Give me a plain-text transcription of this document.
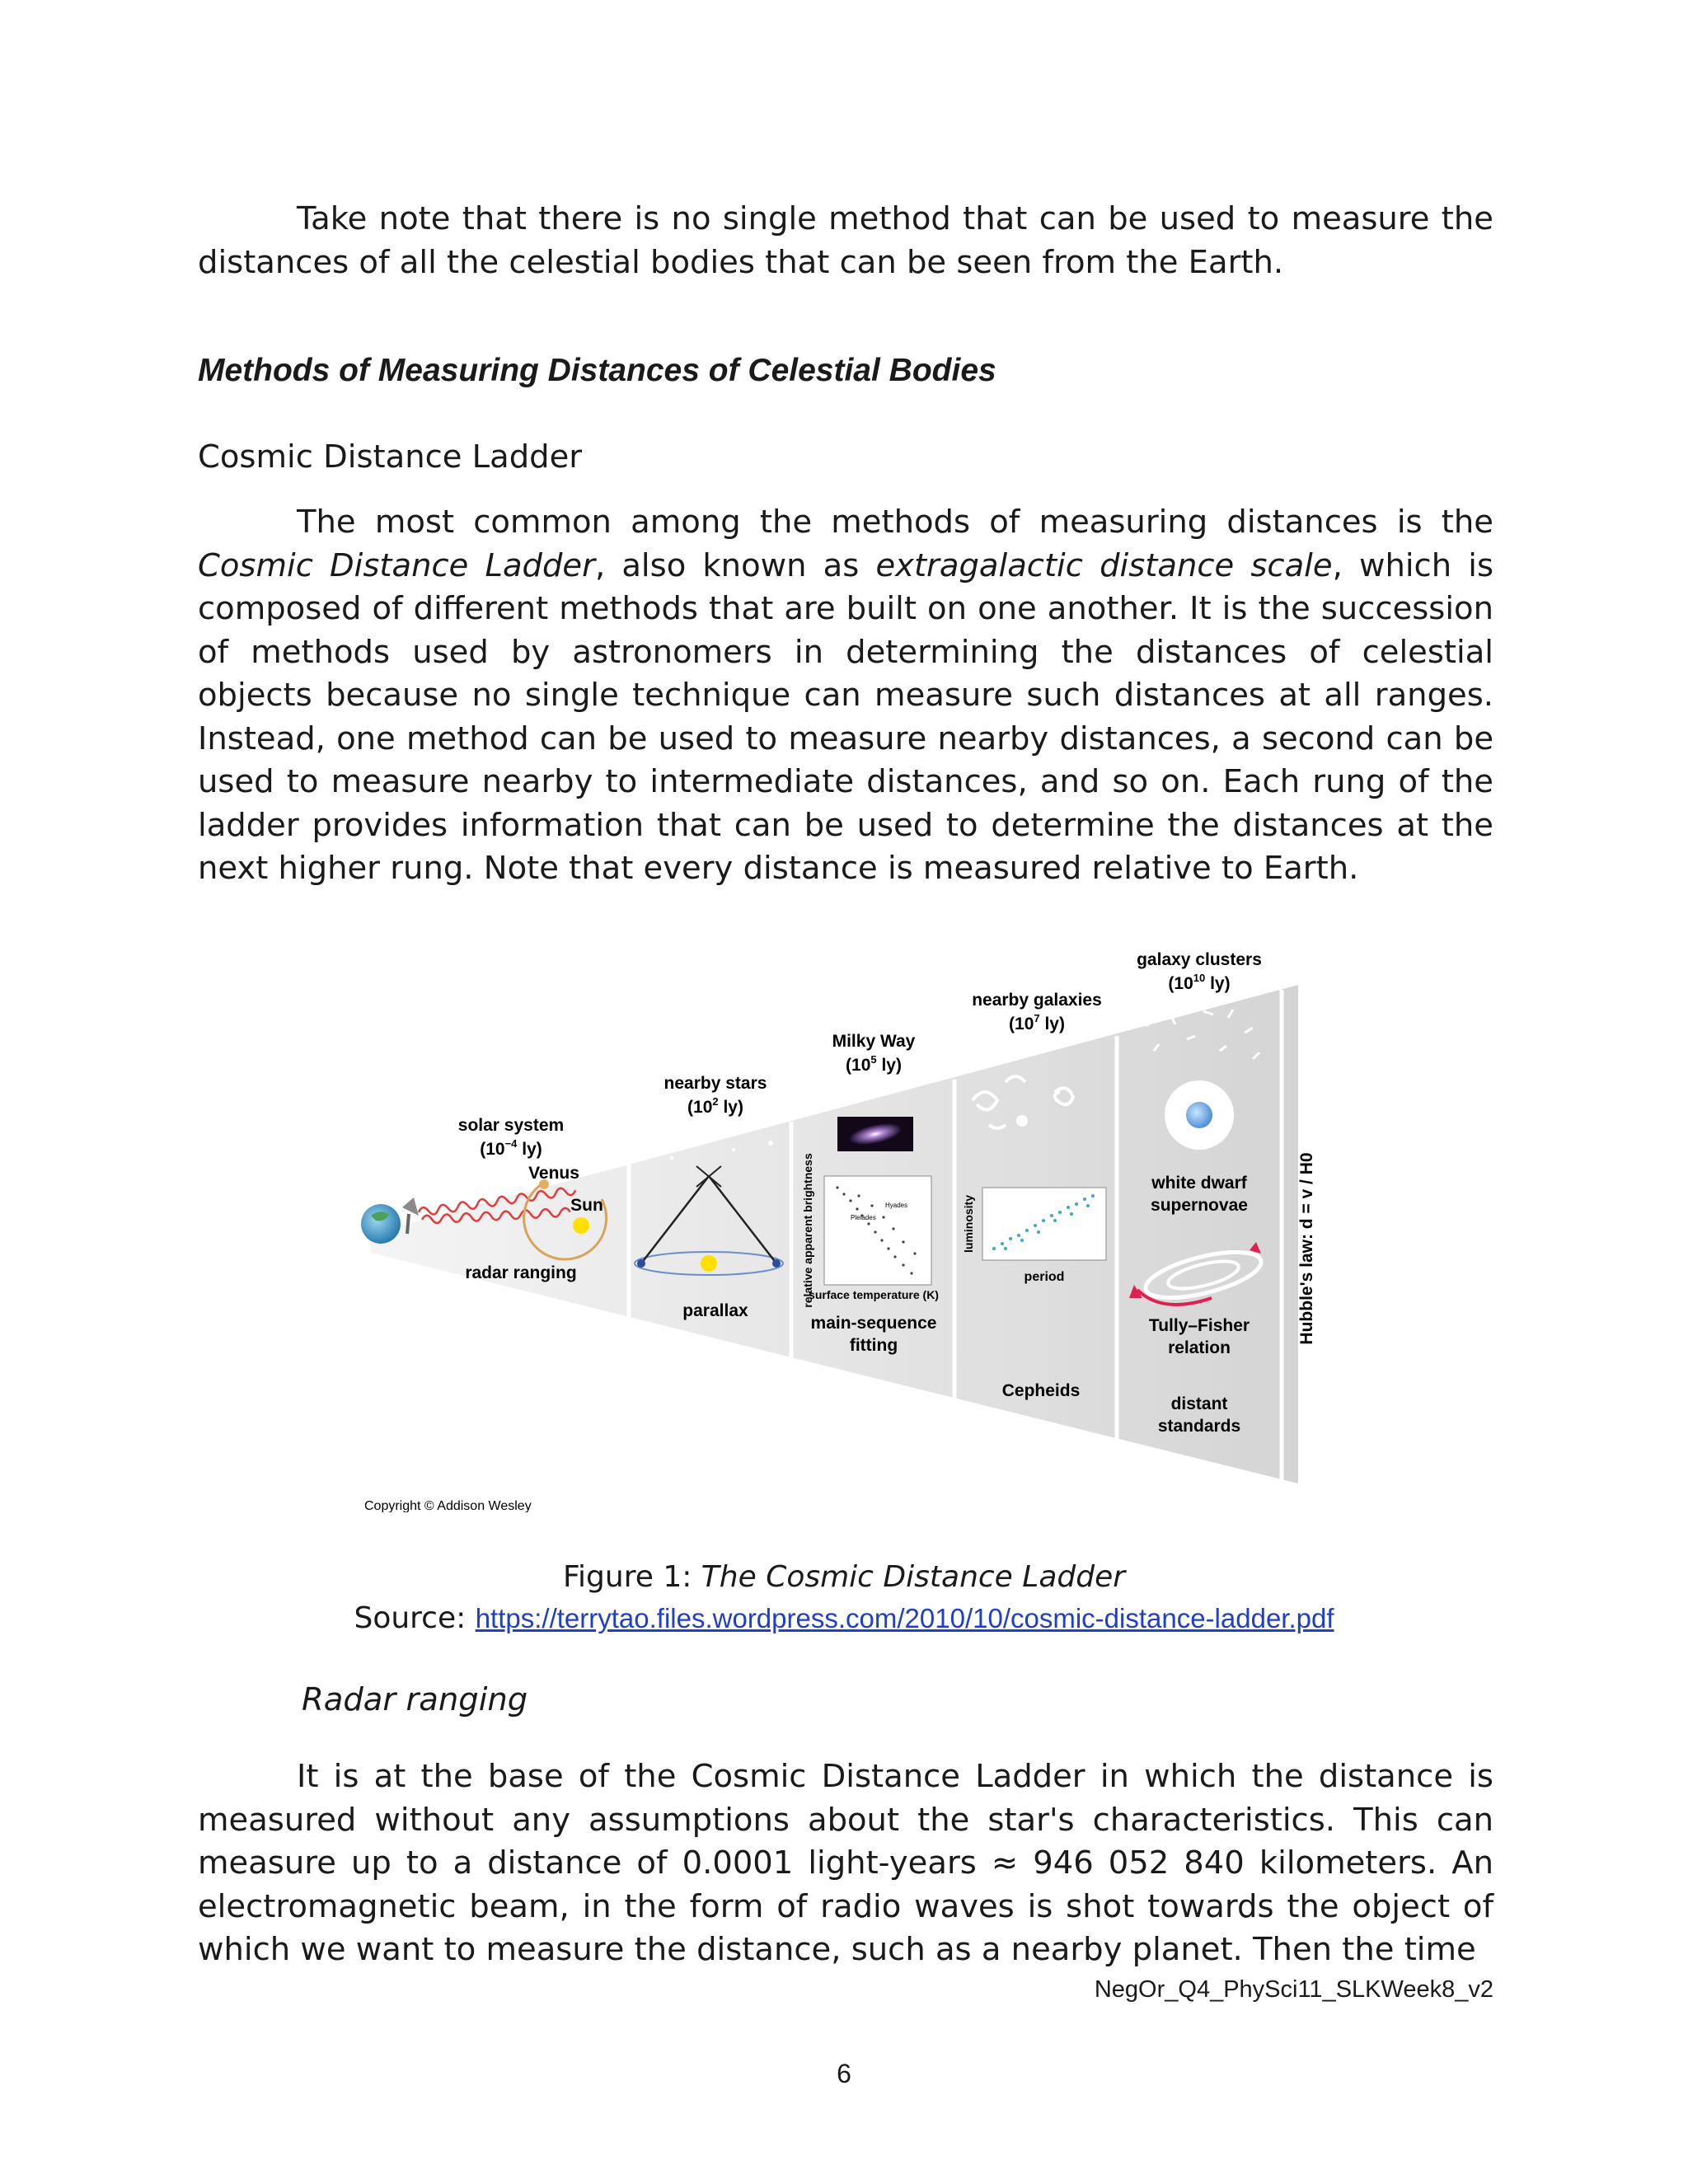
Take note that there is no single method that can be used to measure the distances of all the celestial bodies that can be seen from the Earth.

Methods of Measuring Distances of Celestial Bodies

Cosmic Distance Ladder

The most common among the methods of measuring distances is the Cosmic Distance Ladder, also known as extragalactic distance scale, which is composed of different methods that are built on one another. It is the succession of methods used by astronomers in determining the distances of celestial objects because no single technique can measure such distances at all ranges. Instead, one method can be used to measure nearby distances, a second can be used to measure nearby to intermediate distances, and so on. Each rung of the ladder provides information that can be used to determine the distances at the next higher rung. Note that every distance is measured relative to Earth.

solar system
($10^{-4}$ ly)
Venus
Sun
radar ranging
nearby stars
($10^2$ ly)
parallax
Milky Way
($10^5$ ly)
Pleiades
Hyades
relative apparent brightness
surface temperature (K)
main-sequence
fitting
nearby galaxies
($10^7$ ly)
luminosity
period
Cepheids
galaxy clusters
($10^{10}$ ly)
white dwarf
supernovae
Tully–Fisher
relation
distant
standards
Hubble's law: d = v / H0
Copyright © Addison Wesley

Figure 1: The Cosmic Distance Ladder

Source: https://terrytao.files.wordpress.com/2010/10/cosmic-distance-ladder.pdf

Radar ranging

It is at the base of the Cosmic Distance Ladder in which the distance is measured without any assumptions about the star's characteristics. This can measure up to a distance of 0.0001 light-years ≈ 946 052 840 kilometers. An electromagnetic beam, in the form of radio waves is shot towards the object of which we want to measure the distance, such as a nearby planet. Then the time

NegOr_Q4_PhySci11_SLKWeek8_v2

6
